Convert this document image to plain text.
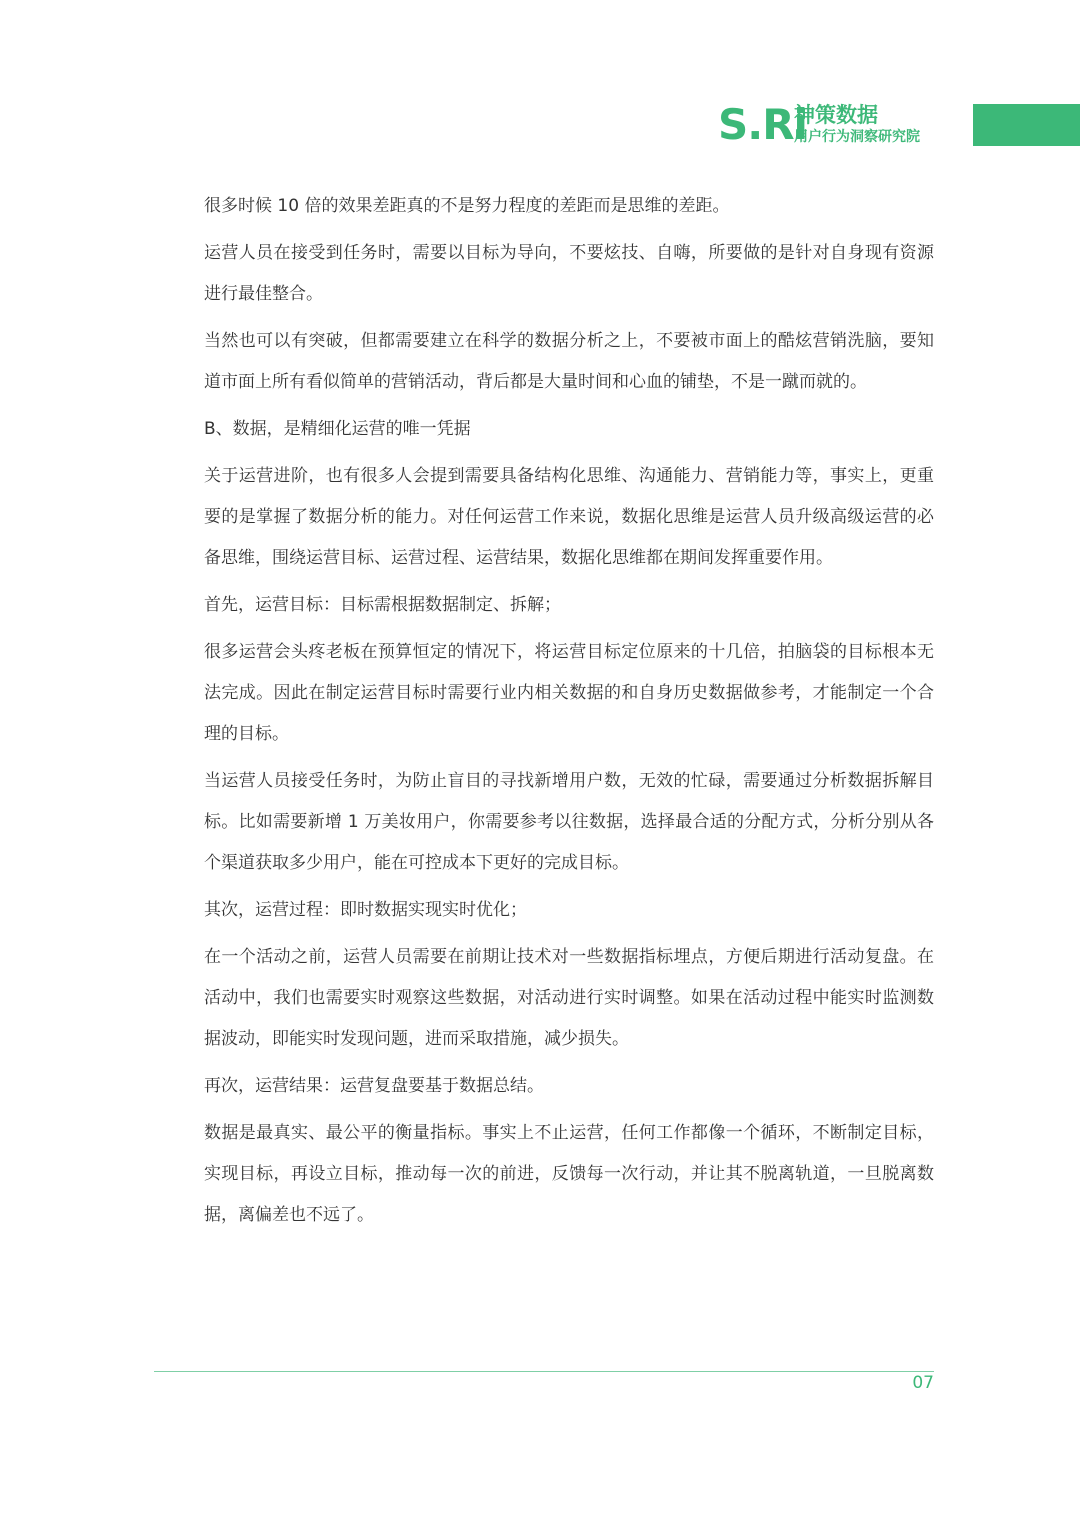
S.Ri
神策数据
用户行为洞察研究院

很多时候 10 倍的效果差距真的不是努力程度的差距而是思维的差距。

运营人员在接受到任务时，需要以目标为导向，不要炫技、自嗨，所要做的是针对自身现有资源进行最佳整合。

当然也可以有突破，但都需要建立在科学的数据分析之上，不要被市面上的酷炫营销洗脑，要知道市面上所有看似简单的营销活动，背后都是大量时间和心血的铺垫，不是一蹴而就的。

B、数据，是精细化运营的唯一凭据

关于运营进阶，也有很多人会提到需要具备结构化思维、沟通能力、营销能力等，事实上，更重要的是掌握了数据分析的能力。对任何运营工作来说，数据化思维是运营人员升级高级运营的必备思维，围绕运营目标、运营过程、运营结果，数据化思维都在期间发挥重要作用。

首先，运营目标：目标需根据数据制定、拆解；

很多运营会头疼老板在预算恒定的情况下，将运营目标定位原来的十几倍，拍脑袋的目标根本无法完成。因此在制定运营目标时需要行业内相关数据的和自身历史数据做参考，才能制定一个合理的目标。

当运营人员接受任务时，为防止盲目的寻找新增用户数，无效的忙碌，需要通过分析数据拆解目标。比如需要新增 1 万美妆用户，你需要参考以往数据，选择最合适的分配方式，分析分别从各个渠道获取多少用户，能在可控成本下更好的完成目标。

其次，运营过程：即时数据实现实时优化；

在一个活动之前，运营人员需要在前期让技术对一些数据指标埋点，方便后期进行活动复盘。在活动中，我们也需要实时观察这些数据，对活动进行实时调整。如果在活动过程中能实时监测数据波动，即能实时发现问题，进而采取措施，减少损失。

再次，运营结果：运营复盘要基于数据总结。

数据是最真实、最公平的衡量指标。事实上不止运营，任何工作都像一个循环，不断制定目标，实现目标，再设立目标，推动每一次的前进，反馈每一次行动，并让其不脱离轨道，一旦脱离数据，离偏差也不远了。

07
